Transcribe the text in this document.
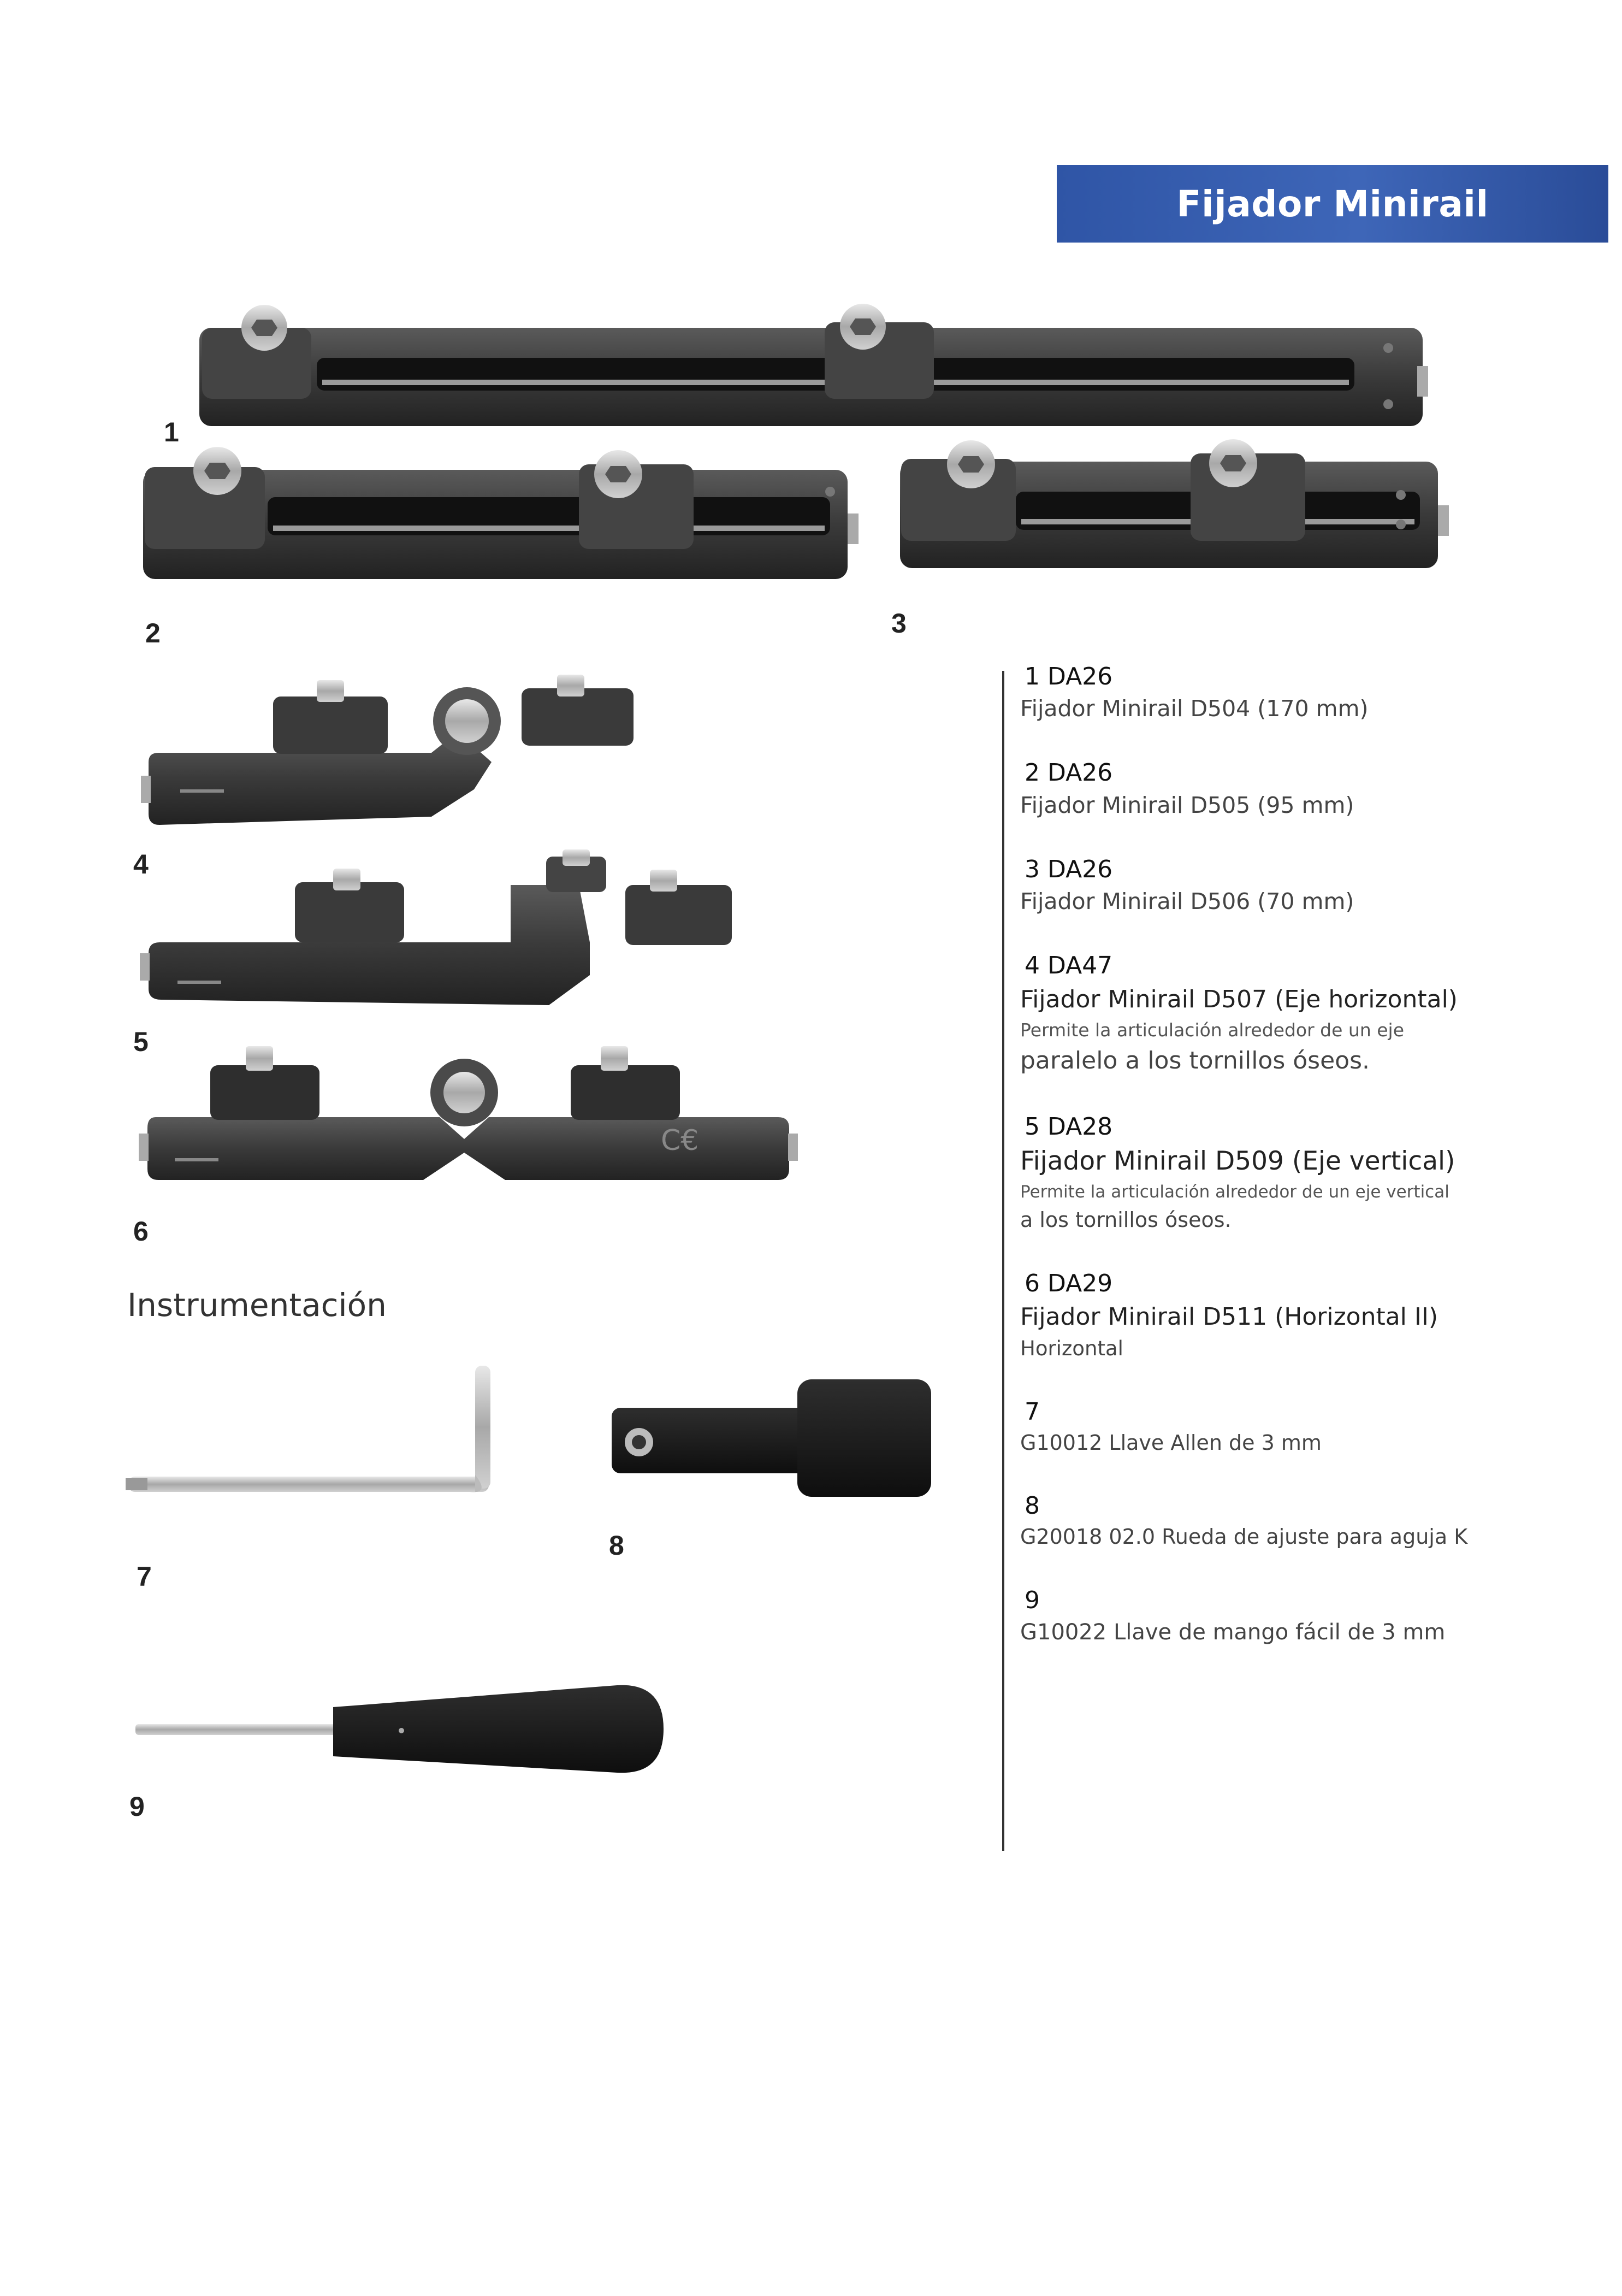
Fijador Minirail
C€
1
2	3
4
5
6
7
8
9
Instrumentación
1 DA26
Fijador Minirail D504 (170 mm)
2 DA26
Fijador Minirail D505 (95 mm)
3 DA26
Fijador Minirail D506 (70 mm)
4 DA47
Fijador Minirail D507 (Eje horizontal)
Permite la articulación alrededor de un eje
paralelo a los tornillos óseos.
5 DA28
Fijador Minirail D509 (Eje vertical)
Permite la articulación alrededor de un eje vertical
a los tornillos óseos.
6 DA29
Fijador Minirail D511 (Horizontal II)
Horizontal
7
G10012 Llave Allen de 3 mm
8
G20018 02.0 Rueda de ajuste para aguja K
9
G10022 Llave de mango fácil de 3 mm
